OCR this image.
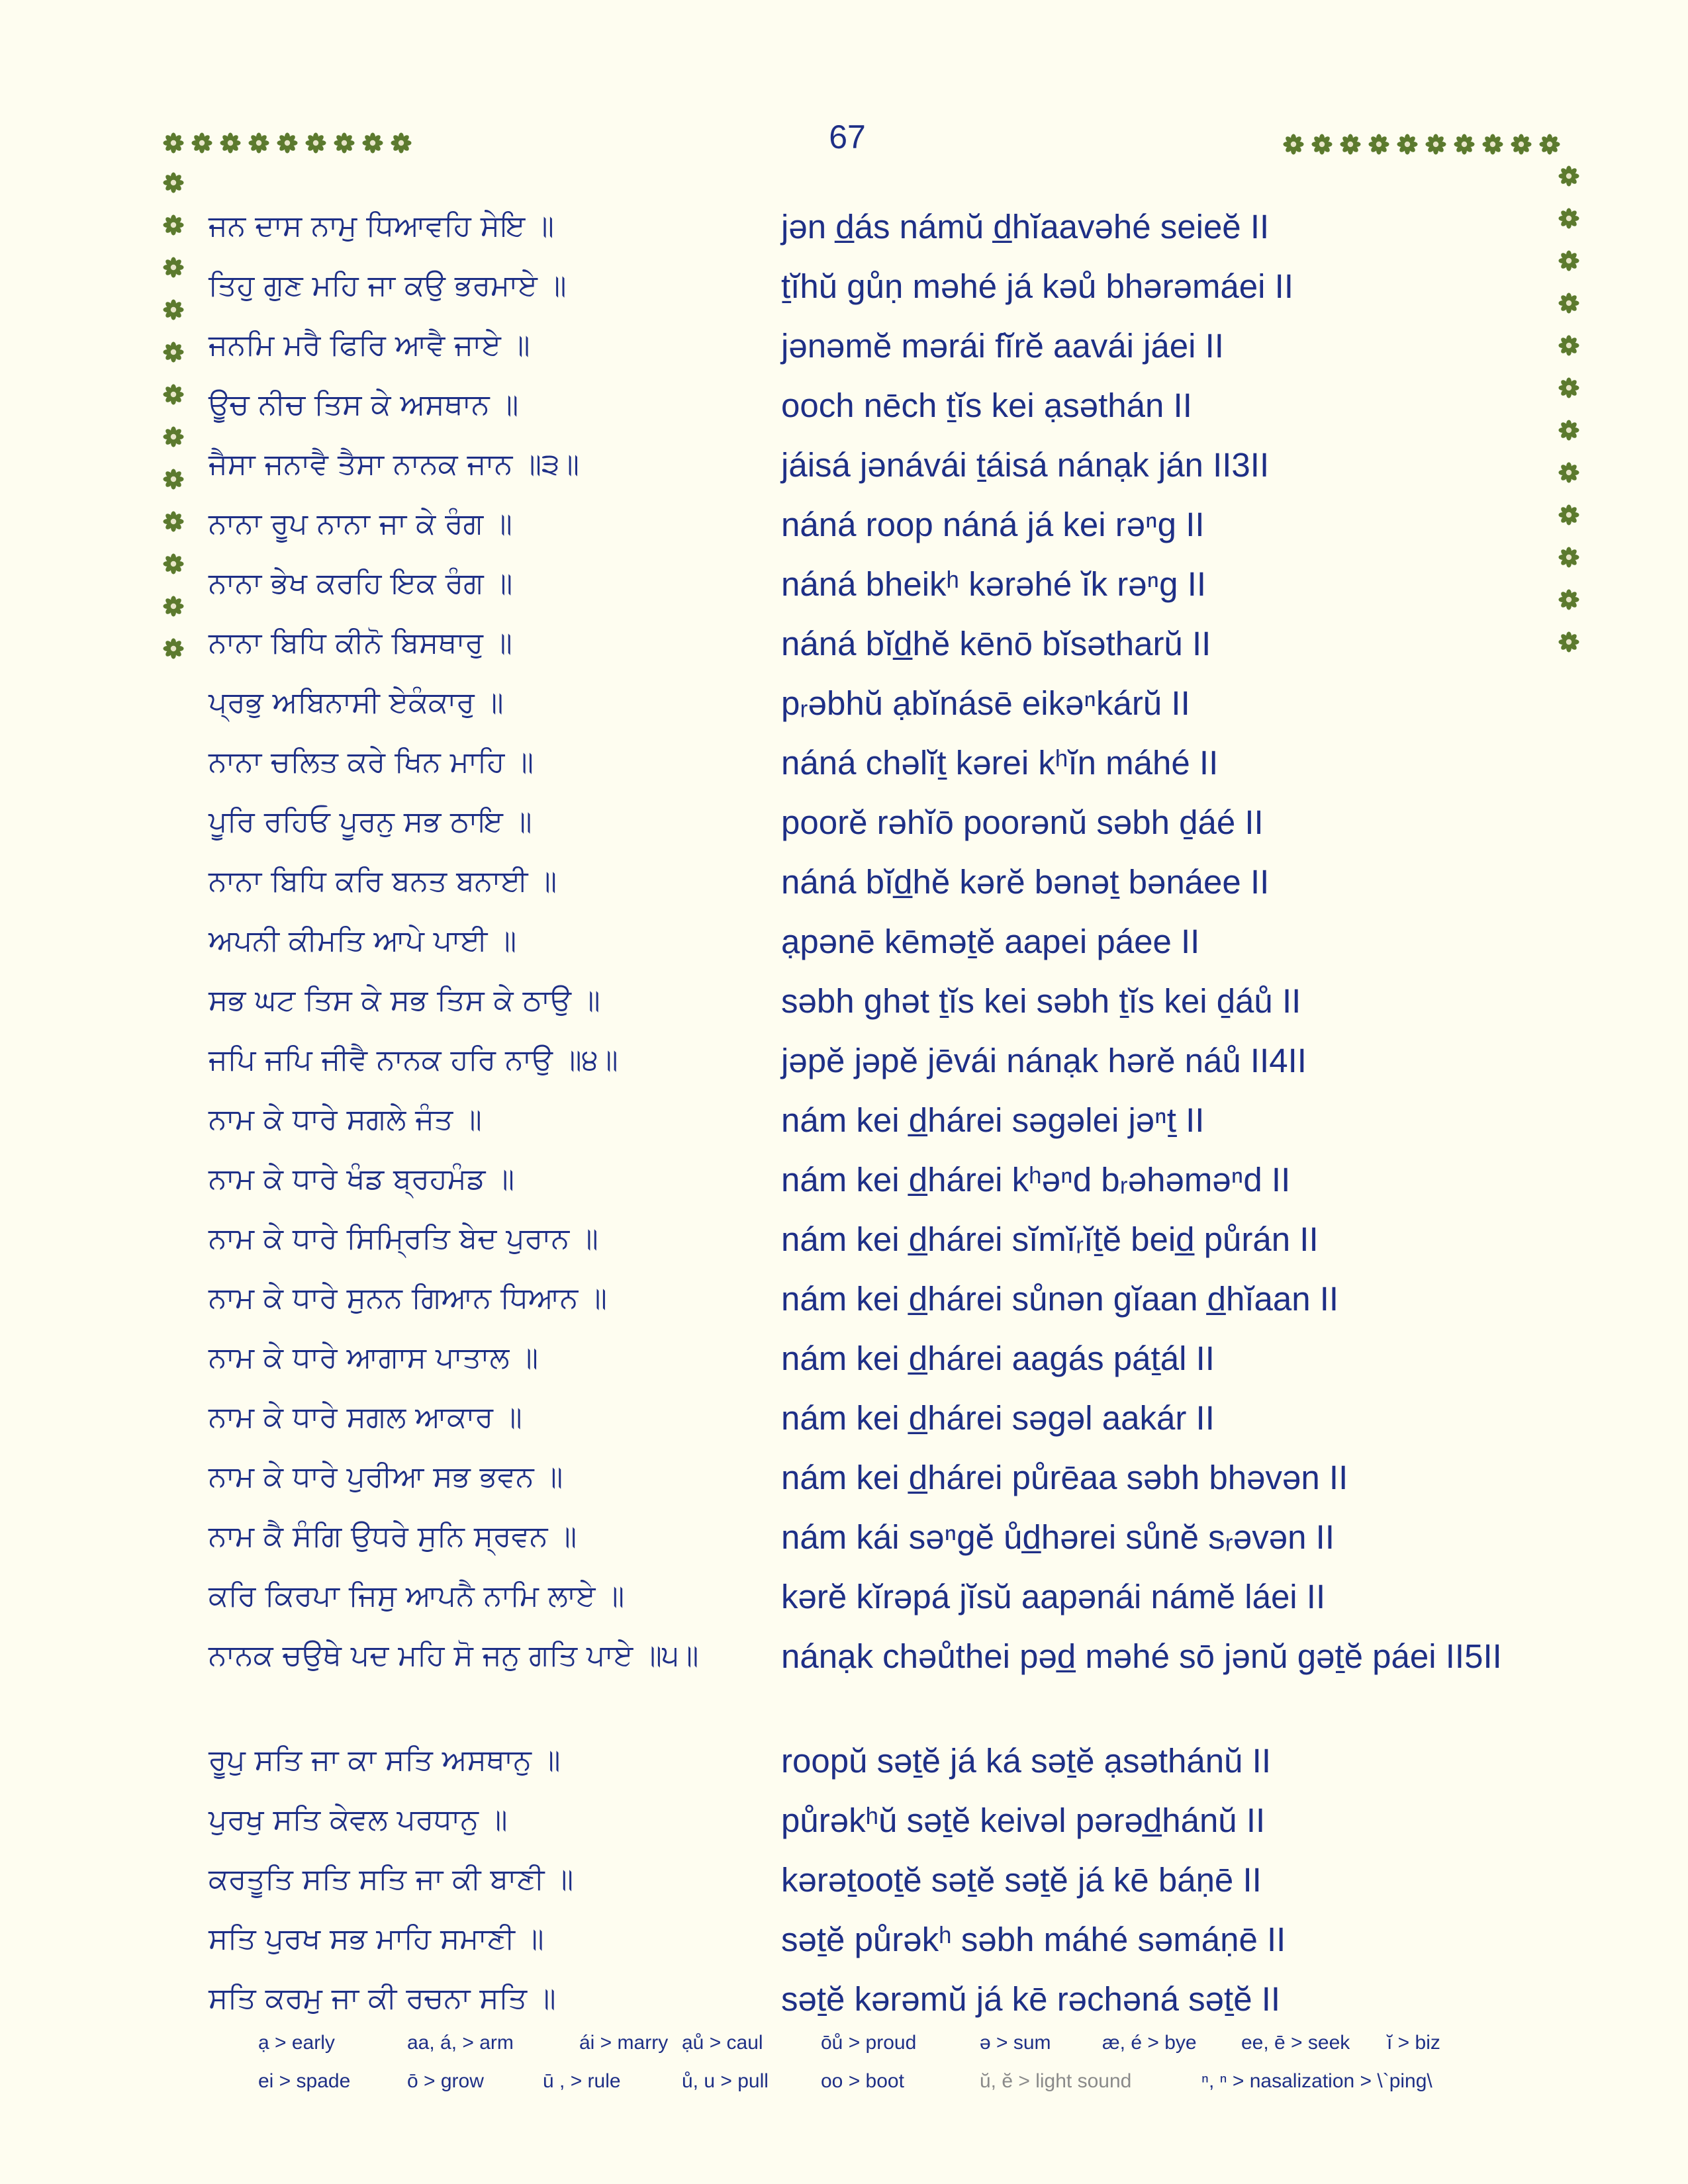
67
ਜਨ ਦਾਸ ਨਾਮੁ ਧਿਆਵਹਿ ਸੇਇ ॥	jən d̲ás námŭ d̲hĭaavəhé seieĕ II
ਤਿਹੁ ਗੁਣ ਮਹਿ ਜਾ ਕਉ ਭਰਮਾਏ ॥	ṯĭhŭ gůṇ məhé já kəů bhərəmáei II
ਜਨਮਿ ਮਰੈ ਫਿਰਿ ਆਵੈ ਜਾਏ ॥	jənəmĕ mərái fĭrĕ aavái jáei II
ਊਚ ਨੀਚ ਤਿਸ ਕੇ ਅਸਥਾਨ ॥	ooch nēch ṯĭs kei ạsəthán II
ਜੈਸਾ ਜਨਾਵੈ ਤੈਸਾ ਨਾਨਕ ਜਾਨ ॥੩॥	jáisá jənávái ṯáisá nánạk ján II3II
ਨਾਨਾ ਰੂਪ ਨਾਨਾ ਜਾ ਕੇ ਰੰਗ ॥	náná roop náná já kei rəⁿg II
ਨਾਨਾ ਭੇਖ ਕਰਹਿ ਇਕ ਰੰਗ ॥	náná bheikʰ kərəhé ĭk rəⁿg II
ਨਾਨਾ ਬਿਧਿ ਕੀਨੋ ਬਿਸਥਾਰੁ ॥	náná bĭd̲hĕ kēnō bĭsətharŭ II
ਪ੍ਰਭੁ ਅਬਿਨਾਸੀ ਏਕੰਕਾਰੁ ॥	pᵣəbhŭ ạbĭnásē eikəⁿkárŭ II
ਨਾਨਾ ਚਲਿਤ ਕਰੇ ਖਿਨ ਮਾਹਿ ॥	náná chəlĭṯ kərei kʰĭn máhé II
ਪੂਰਿ ਰਹਿਓ ਪੂਰਨੁ ਸਭ ਠਾਇ ॥	poorĕ rəhĭō poorənŭ səbh ḏáé II
ਨਾਨਾ ਬਿਧਿ ਕਰਿ ਬਨਤ ਬਨਾਈ ॥	náná bĭd̲hĕ kərĕ bənəṯ bənáee II
ਅਪਨੀ ਕੀਮਤਿ ਆਪੇ ਪਾਈ ॥	ạpənē kēməṯĕ aapei páee II
ਸਭ ਘਟ ਤਿਸ ਕੇ ਸਭ ਤਿਸ ਕੇ ਠਾਉ ॥	səbh ghət ṯĭs kei səbh ṯĭs kei ḏáů II
ਜਪਿ ਜਪਿ ਜੀਵੈ ਨਾਨਕ ਹਰਿ ਨਾਉ ॥੪॥	jəpĕ jəpĕ jēvái nánạk hərĕ náů II4II
ਨਾਮ ਕੇ ਧਾਰੇ ਸਗਲੇ ਜੰਤ ॥	nám kei d̲hárei səgəlei jəⁿṯ II
ਨਾਮ ਕੇ ਧਾਰੇ ਖੰਡ ਬ੍ਰਹਮੰਡ ॥	nám kei d̲hárei kʰəⁿd bᵣəhəməⁿd II
ਨਾਮ ਕੇ ਧਾਰੇ ਸਿਮ੍ਰਿਤਿ ਬੇਦ ਪੁਰਾਨ ॥	nám kei d̲hárei sĭmĭᵣĭṯĕ beid̲ půrán II
ਨਾਮ ਕੇ ਧਾਰੇ ਸੁਨਨ ਗਿਆਨ ਧਿਆਨ ॥	nám kei d̲hárei sůnən gĭaan d̲hĭaan II
ਨਾਮ ਕੇ ਧਾਰੇ ਆਗਾਸ ਪਾਤਾਲ ॥	nám kei d̲hárei aagás páṯál II
ਨਾਮ ਕੇ ਧਾਰੇ ਸਗਲ ਆਕਾਰ ॥	nám kei d̲hárei səgəl aakár II
ਨਾਮ ਕੇ ਧਾਰੇ ਪੁਰੀਆ ਸਭ ਭਵਨ ॥	nám kei d̲hárei půrēaa səbh bhəvən II
ਨਾਮ ਕੈ ਸੰਗਿ ਉਧਰੇ ਸੁਨਿ ਸ੍ਰਵਨ ॥	nám kái səⁿgĕ ůd̲hərei sůnĕ sᵣəvən II
ਕਰਿ ਕਿਰਪਾ ਜਿਸੁ ਆਪਨੈ ਨਾਮਿ ਲਾਏ ॥	kərĕ kĭrəpá jĭsŭ aapənái námĕ láei II
ਨਾਨਕ ਚਉਥੇ ਪਦ ਮਹਿ ਸੋ ਜਨੁ ਗਤਿ ਪਾਏ ॥੫॥	nánạk chəůthei pəd̲ məhé sō jənŭ gəṯĕ páei II5II
ਰੂਪੁ ਸਤਿ ਜਾ ਕਾ ਸਤਿ ਅਸਥਾਨੁ ॥	roopŭ səṯĕ já ká səṯĕ ạsəthánŭ II
ਪੁਰਖੁ ਸਤਿ ਕੇਵਲ ਪਰਧਾਨੁ ॥	půrəkʰŭ səṯĕ keivəl pərəd̲hánŭ II
ਕਰਤੂਤਿ ਸਤਿ ਸਤਿ ਜਾ ਕੀ ਬਾਣੀ ॥	kərəṯooṯĕ səṯĕ səṯĕ já kē báṇē II
ਸਤਿ ਪੁਰਖ ਸਭ ਮਾਹਿ ਸਮਾਣੀ ॥	səṯĕ půrəkʰ səbh máhé səmáṇē II
ਸਤਿ ਕਰਮੁ ਜਾ ਕੀ ਰਚਨਾ ਸਤਿ ॥	səṯĕ kərəmŭ já kē rəchəná səṯĕ II
ạ > early	aa, á, > arm	ái > marry ạů > caul	ōů > proud	ə > sum	æ, é > bye ee, ē > seek ĭ > biz
ei > spade	ō > grow	ū , > rule	ů, u > pull	oo > boot	ŭ, ĕ > light sound	ⁿ, ⁿ > nasalization > \`ping\
